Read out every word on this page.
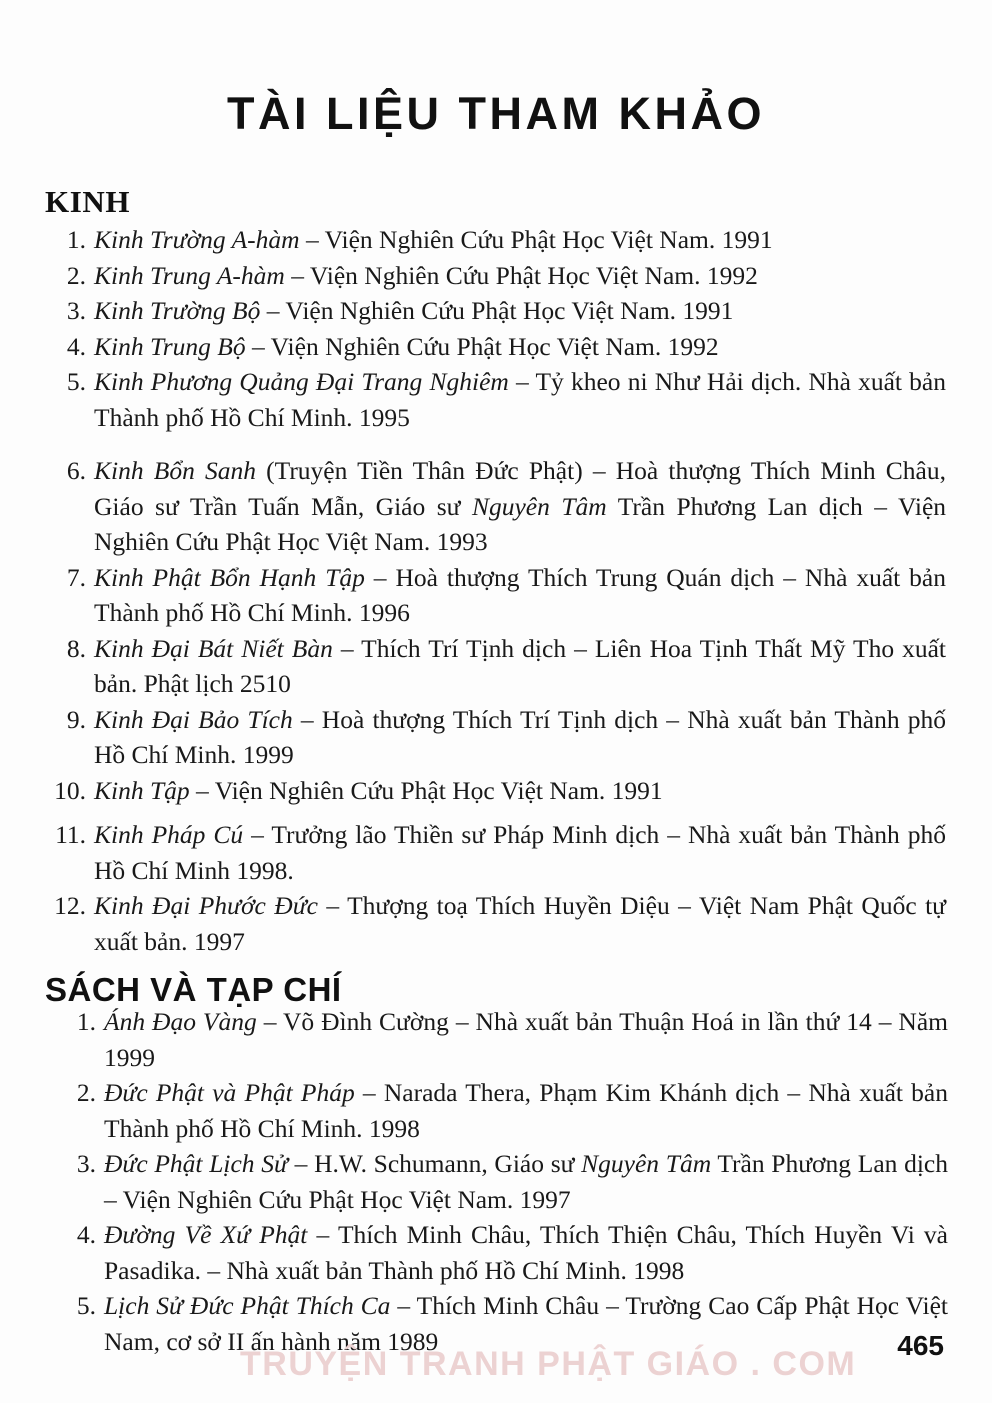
TÀI LIỆU THAM KHẢO
KINH
1. Kinh Trường A-hàm – Viện Nghiên Cứu Phật Học Việt Nam. 1991
2. Kinh Trung A-hàm – Viện Nghiên Cứu Phật Học Việt Nam. 1992
3. Kinh Trường Bộ – Viện Nghiên Cứu Phật Học Việt Nam. 1991
4. Kinh Trung Bộ – Viện Nghiên Cứu Phật Học Việt Nam. 1992
5. Kinh Phương Quảng Đại Trang Nghiêm – Tỷ kheo ni Như Hải dịch. Nhà xuất bản Thành phố Hồ Chí Minh. 1995
6. Kinh Bổn Sanh (Truyện Tiền Thân Đức Phật) – Hoà thượng Thích Minh Châu, Giáo sư Trần Tuấn Mẫn, Giáo sư Nguyên Tâm Trần Phương Lan dịch – Viện Nghiên Cứu Phật Học Việt Nam. 1993
7. Kinh Phật Bổn Hạnh Tập – Hoà thượng Thích Trung Quán dịch – Nhà xuất bản Thành phố Hồ Chí Minh. 1996
8. Kinh Đại Bát Niết Bàn – Thích Trí Tịnh dịch – Liên Hoa Tịnh Thất Mỹ Tho xuất bản. Phật lịch 2510
9. Kinh Đại Bảo Tích – Hoà thượng Thích Trí Tịnh dịch – Nhà xuất bản Thành phố Hồ Chí Minh. 1999
10. Kinh Tập – Viện Nghiên Cứu Phật Học Việt Nam. 1991
11. Kinh Pháp Cú – Trưởng lão Thiền sư Pháp Minh dịch – Nhà xuất bản Thành phố Hồ Chí Minh 1998.
12. Kinh Đại Phước Đức – Thượng toạ Thích Huyền Diệu – Việt Nam Phật Quốc tự xuất bản. 1997
SÁCH VÀ TẠP CHÍ
1. Ánh Đạo Vàng – Võ Đình Cường – Nhà xuất bản Thuận Hoá in lần thứ 14 – Năm 1999
2. Đức Phật và Phật Pháp – Narada Thera, Phạm Kim Khánh dịch – Nhà xuất bản Thành phố Hồ Chí Minh. 1998
3. Đức Phật Lịch Sử – H.W. Schumann, Giáo sư Nguyên Tâm Trần Phương Lan dịch – Viện Nghiên Cứu Phật Học Việt Nam. 1997
4. Đường Về Xứ Phật – Thích Minh Châu, Thích Thiện Châu, Thích Huyền Vi và Pasadika. – Nhà xuất bản Thành phố Hồ Chí Minh. 1998
5. Lịch Sử Đức Phật Thích Ca – Thích Minh Châu – Trường Cao Cấp Phật Học Việt Nam, cơ sở II ấn hành năm 1989	465
TRUYỆN TRANH PHẬT GIÁO . COM
